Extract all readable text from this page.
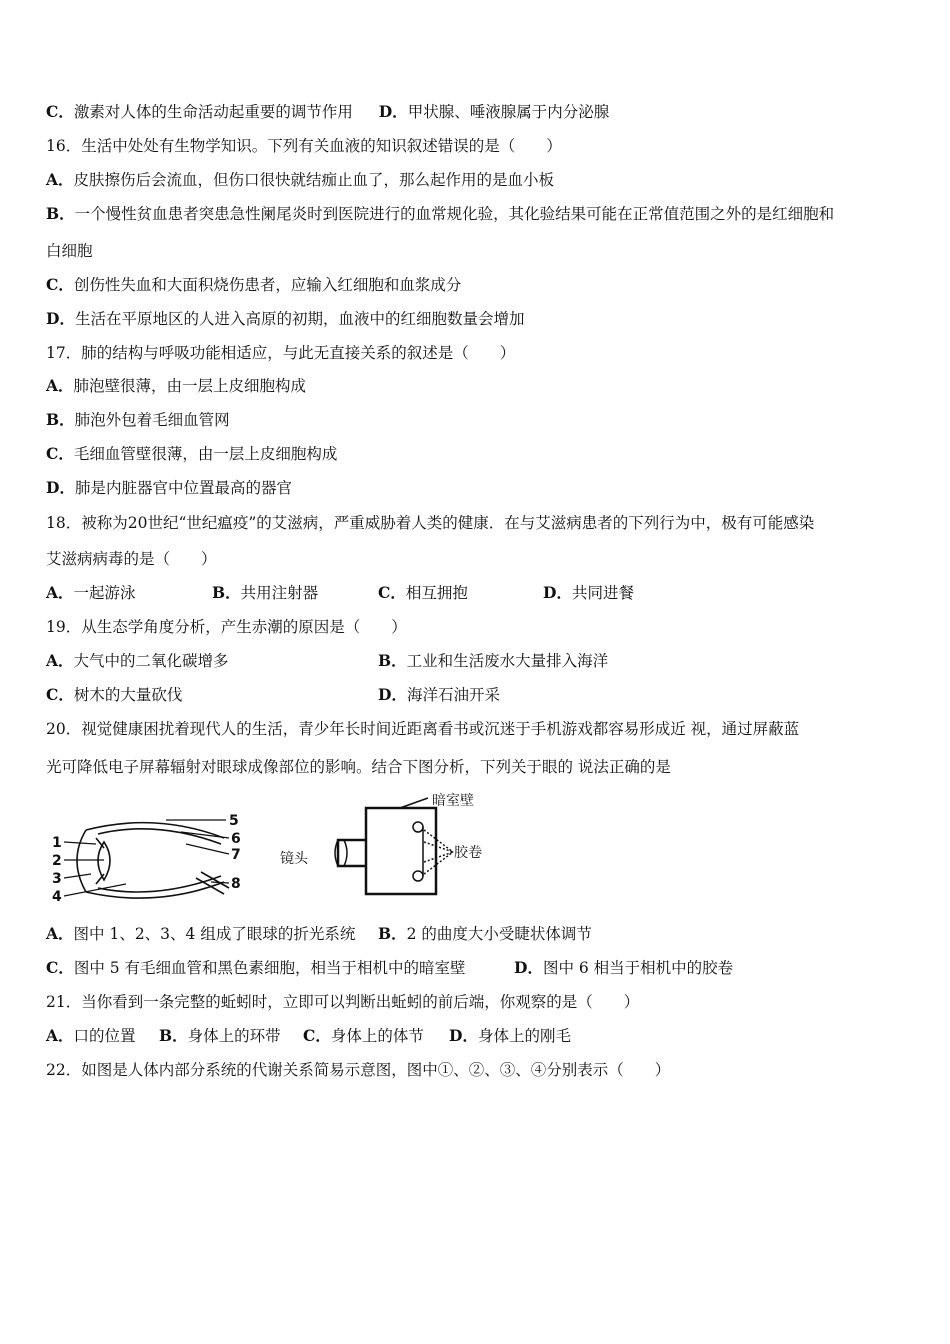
C．激素对人体的生命活动起重要的调节作用 D．甲状腺、唾液腺属于内分泌腺
16．生活中处处有生物学知识。下列有关血液的知识叙述错误的是（　　）
A．皮肤擦伤后会流血，但伤口很快就结痂止血了，那么起作用的是血小板
B．一个慢性贫血患者突患急性阑尾炎时到医院进行的血常规化验，其化验结果可能在正常值范围之外的是红细胞和
白细胞
C．创伤性失血和大面积烧伤患者，应输入红细胞和血浆成分
D．生活在平原地区的人进入高原的初期，血液中的红细胞数量会增加
17．肺的结构与呼吸功能相适应，与此无直接关系的叙述是（　　）
A．肺泡壁很薄，由一层上皮细胞构成
B．肺泡外包着毛细血管网
C．毛细血管壁很薄，由一层上皮细胞构成
D．肺是内脏器官中位置最高的器官
18．被称为20世纪“世纪瘟疫”的艾滋病，严重威胁着人类的健康．在与艾滋病患者的下列行为中，极有可能感染
艾滋病病毒的是（　　）
A．一起游泳	B．共用注射器	C．相互拥抱	D．共同进餐
19．从生态学角度分析，产生赤潮的原因是（　　）
A．大气中的二氧化碳增多	B．工业和生活废水大量排入海洋
C．树木的大量砍伐	D．海洋石油开采
20．视觉健康困扰着现代人的生活，青少年长时间近距离看书或沉迷于手机游戏都容易形成近 视，通过屏蔽蓝
光可降低电子屏幕辐射对眼球成像部位的影响。结合下图分析，下列关于眼的 说法正确的是
1
2
3
4
5
6
7
8
暗室壁
镜头	胶卷
A．图中 1、2、3、4 组成了眼球的折光系统 B．2 的曲度大小受睫状体调节
C．图中 5 有毛细血管和黑色素细胞，相当于相机中的暗室壁	D．图中 6 相当于相机中的胶卷
21．当你看到一条完整的蚯蚓时，立即可以判断出蚯蚓的前后端，你观察的是（　　）
A．口的位置 B．身体上的环带 C．身体上的体节 D．身体上的刚毛
22．如图是人体内部分系统的代谢关系简易示意图，图中①、②、③、④分别表示（　　）
